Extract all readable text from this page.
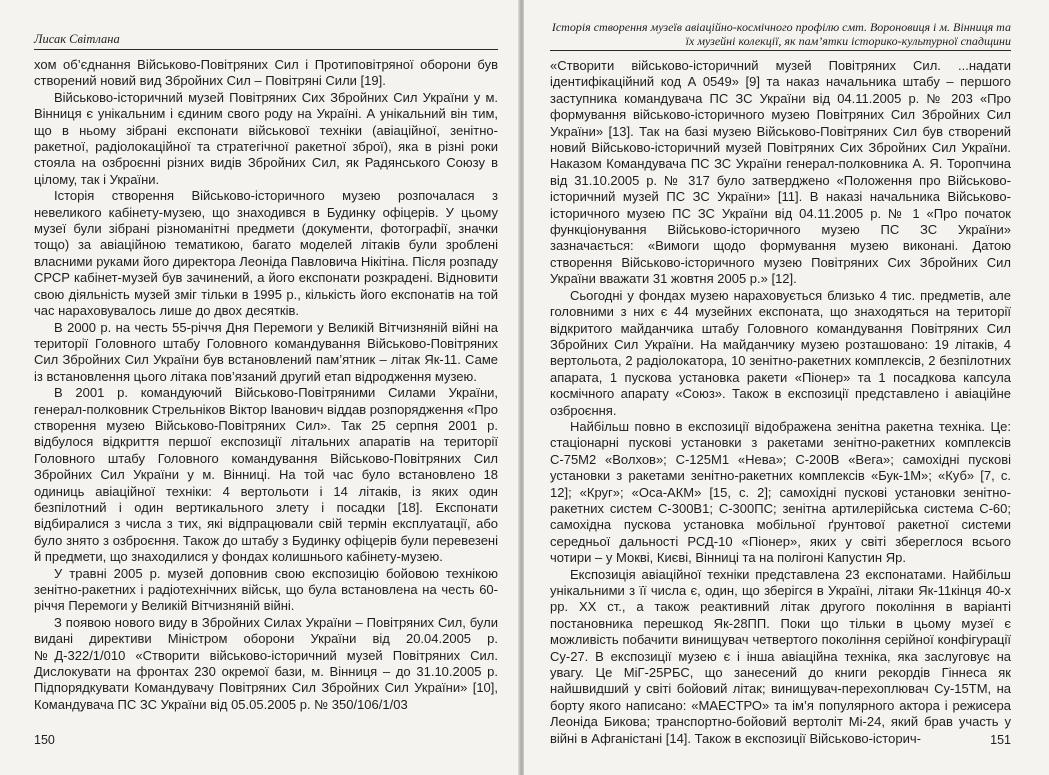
Лисак Світлана

хом об’єднання Військово-Повітряних Сил і Протиповітряної оборони був створений новий вид Збройних Сил – Повітряні Сили [19].

Військово-історичний музей Повітряних Сих Збройних Сил України у м. Вінниця є унікальним і єдиним свого роду на Україні. А унікальний він тим, що в ньому зібрані експонати військової техніки (авіаційної, зенітно-ракетної, радіолокаційної та стратегічної ракетної зброї), яка в різні роки стояла на озброєнні різних видів Збройних Сил, як Радянського Союзу в цілому, так і України.

Історія створення Військово-історичного музею розпочалася з невеликого кабінету-музею, що знаходився в Будинку офіцерів. У цьому музеї були зібрані різноманітні предмети (документи, фотографії, значки тощо) за авіаційною тематикою, багато моделей літаків були зроблені власними руками його директора Леоніда Павловича Нікітіна. Після розпаду СРСР кабінет-музей був зачинений, а його експонати розкрадені. Відновити свою діяльність музей зміг тільки в 1995 р., кількість його експонатів на той час нараховувалось лише до двох десятків.

В 2000 р. на честь 55-річчя Дня Перемоги у Великій Вітчизняній війні на території Головного штабу Головного командування Військово-Повітряних Сил Збройних Сил України був встановлений пам’ятник – літак Як-11. Саме із встановлення цього літака пов’язаний другий етап відродження музею.

В 2001 р. командуючий Військово-Повітряними Силами України, генерал-полковник Стрельніков Віктор Іванович віддав розпорядження «Про створення музею Військово-Повітряних Сил». Так 25 серпня 2001 р. відбулося відкриття першої експозиції літальних апаратів на території Головного штабу Головного командування Військово-Повітряних Сил Збройних Сил України у м. Вінниці. На той час було встановлено 18 одиниць авіаційної техніки: 4 вертольоти і 14 літаків, із яких один безпілотний і один вертикального злету і посадки [18]. Експонати відбиралися з числа з тих, які відпрацювали свій термін експлуатації, або було знято з озброєння. Також до штабу з Будинку офіцерів були перевезені й предмети, що знаходилися у фондах колишнього кабінету-музею.

У травні 2005 р. музей доповнив свою експозицію бойовою технікою зенітно-ракетних і радіотехнічних військ, що була встановлена на честь 60-річчя Перемоги у Великій Вітчизняній війні.

З появою нового виду в Збройних Силах України – Повітряних Сил, були видані директиви Міністром оборони України від 20.04.2005 р. №Д-322/1/010 «Створити військово-історичний музей Повітряних Сил. Дислокувати на фронтах 230 окремої бази, м. Вінниця – до 31.10.2005 р. Підпорядкувати Командувачу Повітряних Сил Збройних Сил України» [10], Командувача ПС ЗС України від 05.05.2005 р. № 350/106/1/03

150
Історія створення музеїв авіаційно-космічного профілю смт. Вороновиця і м. Вінниця та
їх музейні колекції, як пам’ятки історико-культурної спадщини

«Створити військово-історичний музей Повітряних Сил. ...надати ідентифікаційний код А 0549» [9] та наказ начальника штабу – першого заступника командувача ПС ЗС України від 04.11.2005 р. № 203 «Про формування військово-історичного музею Повітряних Сил Збройних Сил України» [13]. Так на базі музею Військово-Повітряних Сил був створений новий Військово-історичний музей Повітряних Сих Збройних Сил України. Наказом Командувача ПС ЗС України генерал-полковника А. Я. Торопчина від 31.10.2005 р. № 317 було затверджено «Положення про Військово-історичний музей ПС ЗС України» [11]. В наказі начальника Військово-історичного музею ПС ЗС України від 04.11.2005 р. № 1 «Про початок функціонування Військово-історичного музею ПС ЗС України» зазначається: «Вимоги щодо формування музею виконані. Датою створення Військово-історичного музею Повітряних Сих Збройних Сил України вважати 31 жовтня 2005 р.» [12].

Сьогодні у фондах музею нараховується близько 4 тис. предметів, але головними з них є 44 музейних експоната, що знаходяться на території відкритого майданчика штабу Головного командування Повітряних Сил Збройних Сил України. На майданчику музею розташовано: 19 літаків, 4 вертольота, 2 радіолокатора, 10 зенітно-ракетних комплексів, 2 безпілотних апарата, 1 пускова установка ракети «Піонер» та 1 посадкова капсула космічного апарату «Союз». Також в експозиції представлено і авіаційне озброєння.

Найбільш повно в експозиції відображена зенітна ракетна техніка. Це: стаціонарні пускові установки з ракетами зенітно-ракетних комплексів С-75М2 «Волхов»; С-125М1 «Нева»; С-200В «Вега»; самохідні пускові установки з ракетами зенітно-ракетних комплексів «Бук-1М»; «Куб» [7, с. 12]; «Круг»; «Оса-АКМ» [15, с. 2]; самохідні пускові установки зенітно-ракетних систем С-300В1; С-300ПС; зенітна артилерійська система С-60; самохідна пускова установка мобільної ґрунтової ракетної системи середньої дальності РСД-10 «Піонер», яких у світі збереглося всього чотири – у Мокві, Києві, Вінниці та на полігоні Капустин Яр.

Експозиція авіаційної техніки представлена 23 експонатами. Найбільш унікальними з її числа є, один, що зберігся в Україні, літаки Як-11кінця 40-х рр. ХХ ст., а також реактивний літак другого покоління в варіанті постановника перешкод Як-28ПП. Поки що тільки в цьому музеї є можливість побачити винищувач четвертого покоління серійної конфігурації Су-27. В експозиції музею є і інша авіаційна техніка, яка заслуговує на увагу. Це МіГ-25РБС, що занесений до книги рекордів Гіннеса як найшвидший у світі бойовий літак; винищувач-перехоплювач Су-15ТМ, на борту якого написано: «МАЕСТРО» та ім’я популярного актора і режисера Леоніда Бикова; транспортно-бойовий вертоліт Мі-24, який брав участь у війні в Афганістані [14]. Також в експозиції Військово-історич-	151
